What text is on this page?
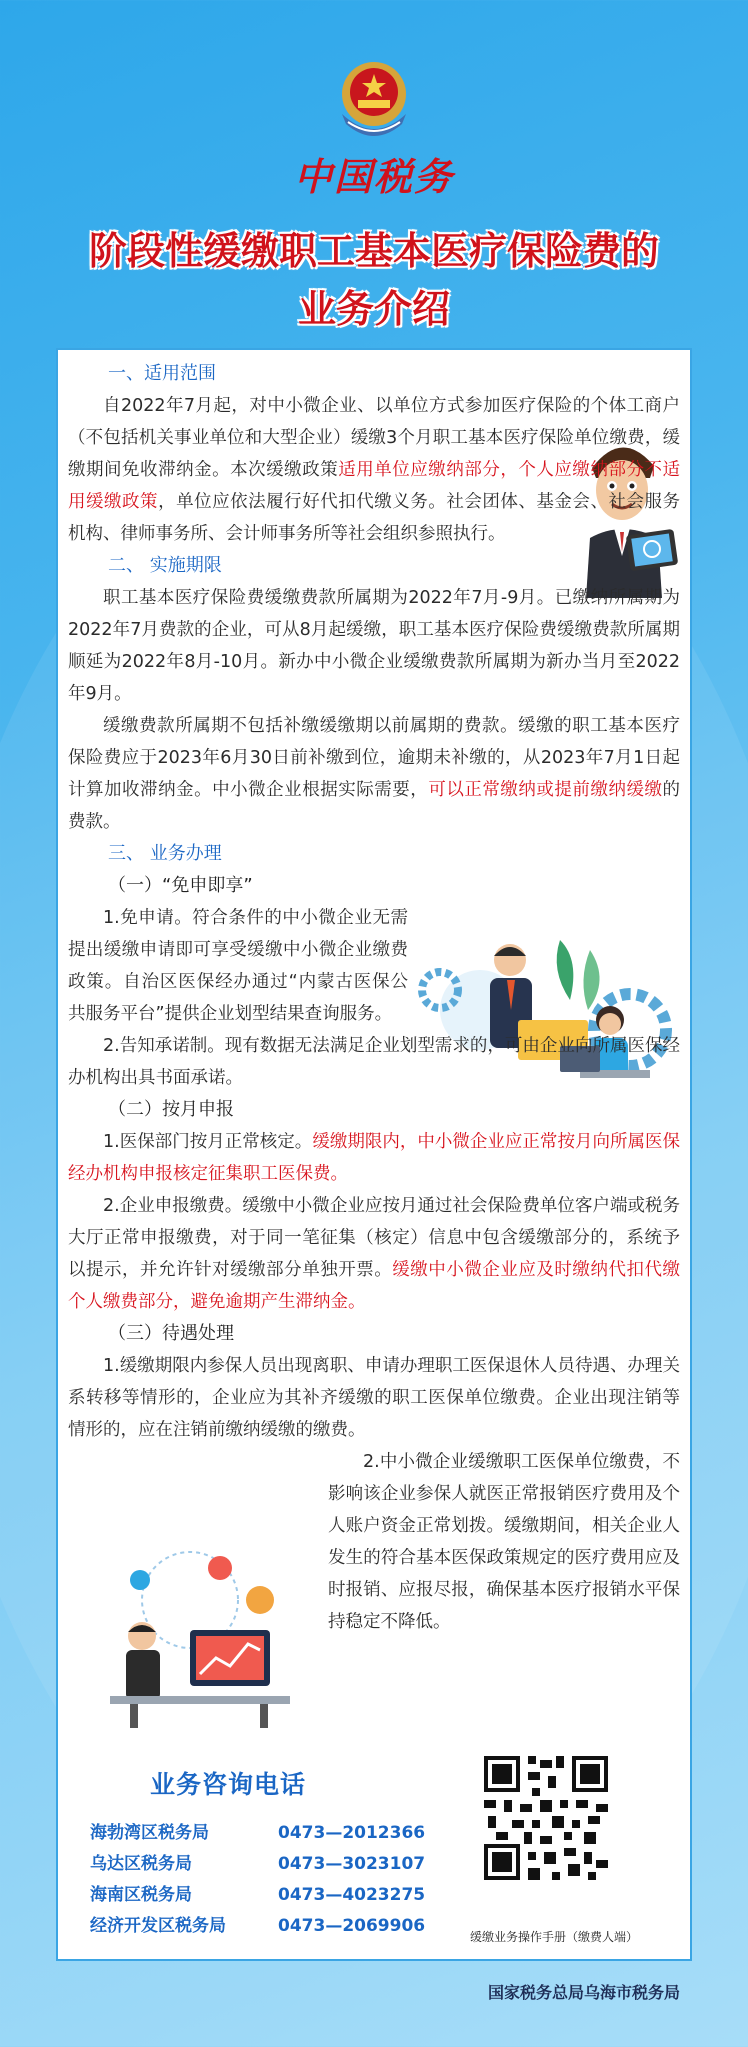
中国税务
阶段性缓缴职工基本医疗保险费的
业务介绍
一、适用范围

自2022年7月起，对中小微企业、以单位方式参加医疗保险的个体工商户（不包括机关事业单位和大型企业）缓缴3个月职工基本医疗保险单位缴费，缓缴期间免收滞纳金。本次缓缴政策适用单位应缴纳部分，个人应缴纳部分不适用缓缴政策，单位应依法履行好代扣代缴义务。社会团体、基金会、社会服务机构、律师事务所、会计师事务所等社会组织参照执行。

二、 实施期限

职工基本医疗保险费缓缴费款所属期为2022年7月-9月。已缴纳所属期为2022年7月费款的企业，可从8月起缓缴，职工基本医疗保险费缓缴费款所属期顺延为2022年8月-10月。新办中小微企业缓缴费款所属期为新办当月至2022年9月。

缓缴费款所属期不包括补缴缓缴期以前属期的费款。缓缴的职工基本医疗保险费应于2023年6月30日前补缴到位，逾期未补缴的，从2023年7月1日起计算加收滞纳金。中小微企业根据实际需要，可以正常缴纳或提前缴纳缓缴的费款。

三、 业务办理
（一）“免申即享”

1.免申请。符合条件的中小微企业无需提出缓缴申请即可享受缓缴中小微企业缴费政策。自治区医保经办通过“内蒙古医保公共服务平台”提供企业划型结果查询服务。

2.告知承诺制。现有数据无法满足企业划型需求的，可由企业向所属医保经办机构出具书面承诺。

（二）按月申报

1.医保部门按月正常核定。缓缴期限内，中小微企业应正常按月向所属医保经办机构申报核定征集职工医保费。

2.企业申报缴费。缓缴中小微企业应按月通过社会保险费单位客户端或税务大厅正常申报缴费，对于同一笔征集（核定）信息中包含缓缴部分的，系统予以提示，并允许针对缓缴部分单独开票。缓缴中小微企业应及时缴纳代扣代缴个人缴费部分，避免逾期产生滞纳金。

（三）待遇处理

1.缓缴期限内参保人员出现离职、申请办理职工医保退休人员待遇、办理关系转移等情形的，企业应为其补齐缓缴的职工医保单位缴费。企业出现注销等情形的，应在注销前缴纳缓缴的缴费。

2.中小微企业缓缴职工医保单位缴费，不影响该企业参保人就医正常报销医疗费用及个人账户资金正常划拨。缓缴期间，相关企业人发生的符合基本医保政策规定的医疗费用应及时报销、应报尽报，确保基本医疗报销水平保持稳定不降低。

业务咨询电话
海勃湾区税务局	0473—2012366
乌达区税务局	0473—3023107
海南区税务局	0473—4023275
经济开发区税务局	0473—2069906
缓缴业务操作手册（缴费人端）
国家税务总局乌海市税务局
